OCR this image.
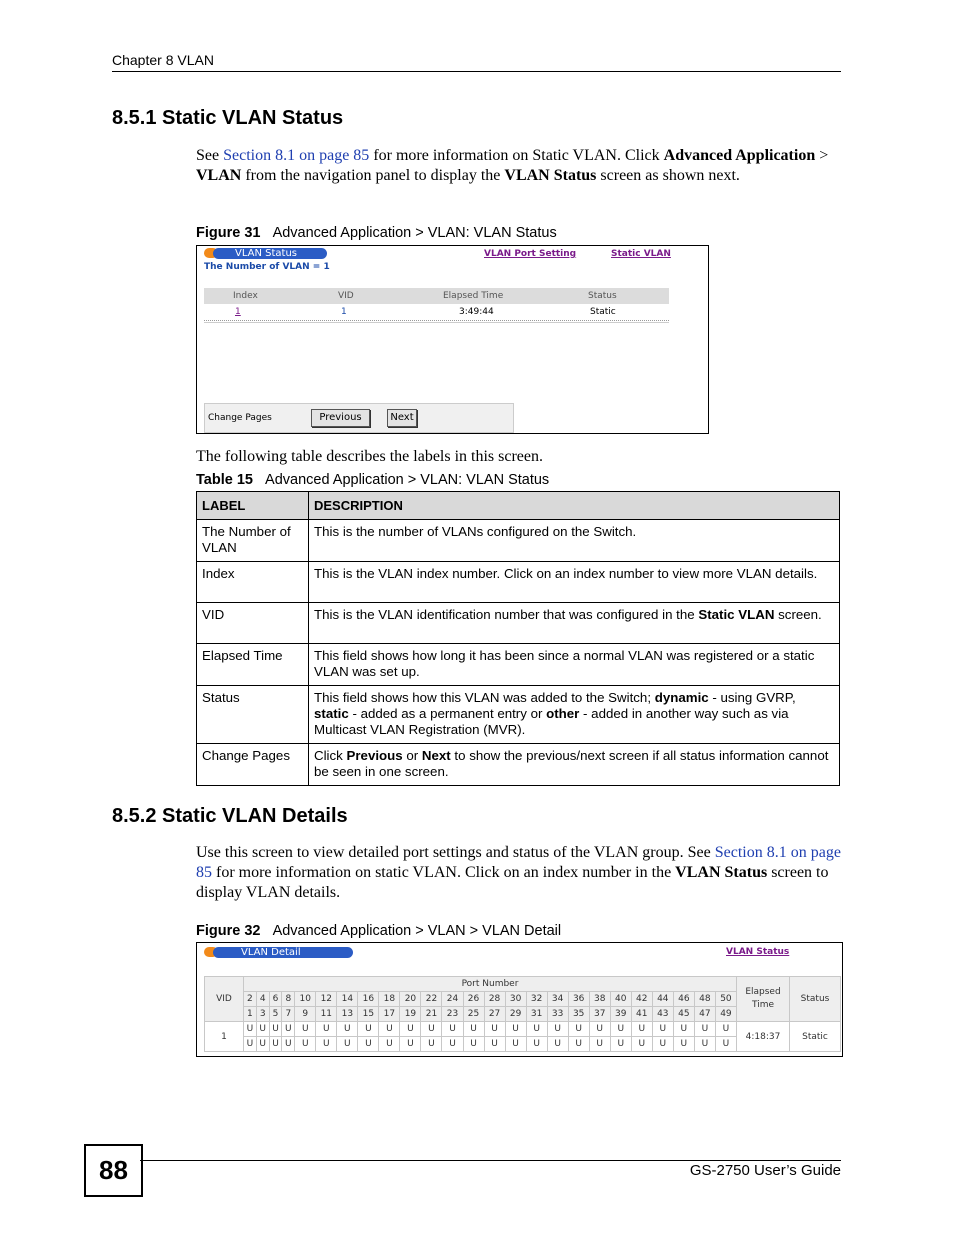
Chapter 8 VLAN
8.5.1 Static VLAN Status
See Section 8.1 on page 85 for more information on Static VLAN. Click Advanced Application > VLAN from the navigation panel to display the VLAN Status screen as shown next.
Figure 31 Advanced Application > VLAN: VLAN Status
VLAN Status
The Number of VLAN = 1
VLAN Port Setting	Static VLAN
Index	VID	Elapsed Time	Status
1	1	3:49:44	Static
Change Pages	Previous	Next
The following table describes the labels in this screen.
Table 15 Advanced Application > VLAN: VLAN Status
LABEL	DESCRIPTION
The Number of VLAN	This is the number of VLANs configured on the Switch.
Index	This is the VLAN index number. Click on an index number to view more VLAN details.
VID	This is the VLAN identification number that was configured in the Static VLAN screen.
Elapsed Time	This field shows how long it has been since a normal VLAN was registered or a static VLAN was set up.
Status	This field shows how this VLAN was added to the Switch; dynamic - using GVRP, static - added as a permanent entry or other - added in another way such as via Multicast VLAN Registration (MVR).
Change Pages	Click Previous or Next to show the previous/next screen if all status information cannot be seen in one screen.
8.5.2 Static VLAN Details
Use this screen to view detailed port settings and status of the VLAN group. See Section 8.1 on page 85 for more information on static VLAN. Click on an index number in the VLAN Status screen to display VLAN details.
Figure 32 Advanced Application > VLAN > VLAN Detail
VLAN Detail	VLAN Status
VID	Port Number																									Elapsed Time	Status
	2	4	6	8	10	12	14	16	18	20	22	24	26	28	30	32	34	36	38	40	42	44	46	48	50		
	1	3	5	7	9	11	13	15	17	19	21	23	25	27	29	31	33	35	37	39	41	43	45	47	49		
1	U	U	U	U	U	U	U	U	U	U	U	U	U	U	U	U	U	U	U	U	U	U	U	U	U	4:18:37	Static
	U	U	U	U	U	U	U	U	U	U	U	U	U	U	U	U	U	U	U	U	U	U	U	U	U		
88	GS-2750 User’s Guide
